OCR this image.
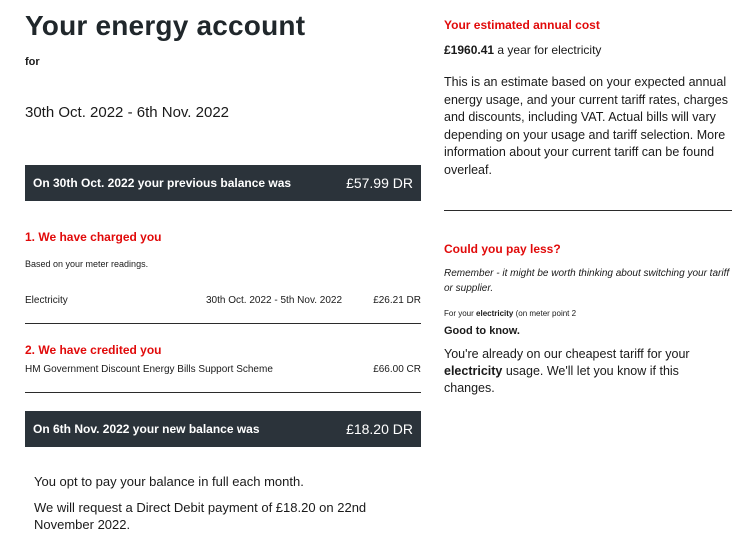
Your energy account
for
30th Oct. 2022 - 6th Nov. 2022
On 30th Oct. 2022 your previous balance was	£57.99 DR
1. We have charged you
Based on your meter readings.
Electricity	30th Oct. 2022 - 5th Nov. 2022	£26.21 DR
2. We have credited you
HM Government Discount Energy Bills Support Scheme	£66.00 CR
On 6th Nov. 2022 your new balance was	£18.20 DR
You opt to pay your balance in full each month.
We will request a Direct Debit payment of £18.20 on 22nd November 2022.
Your estimated annual cost
£1960.41 a year for electricity
This is an estimate based on your expected annual energy usage, and your current tariff rates, charges and discounts, including VAT. Actual bills will vary depending on your usage and tariff selection. More information about your current tariff can be found overleaf.
Could you pay less?
Remember - it might be worth thinking about switching your tariff or supplier.
For your electricity (on meter point 2
Good to know.
You're already on our cheapest tariff for your electricity usage. We'll let you know if this changes.
